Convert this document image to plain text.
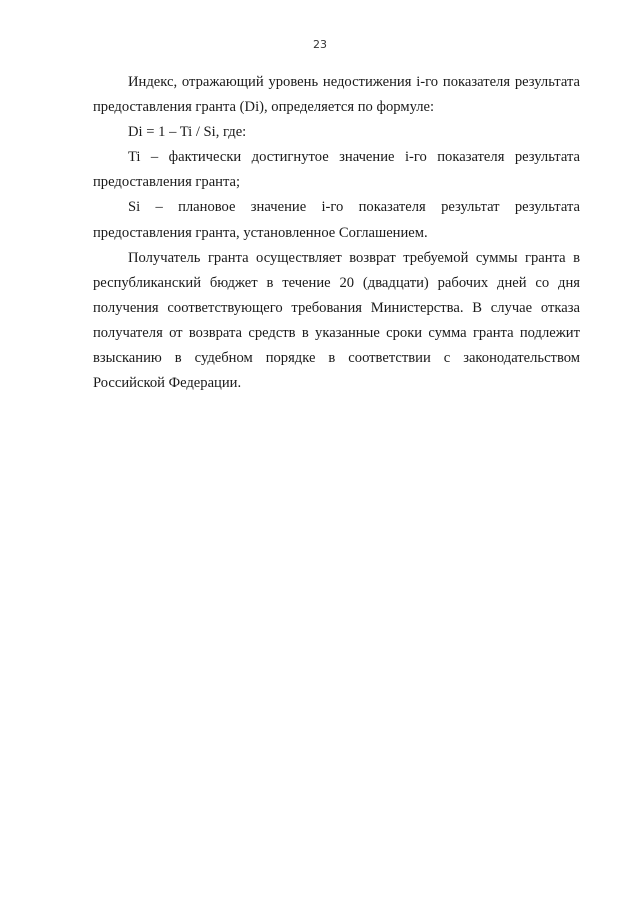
23

Индекс, отражающий уровень недостижения i-го показателя результата предоставления гранта (Di), определяется по формуле:

Di = 1 – Ti / Si, где:

Ti – фактически достигнутое значение i-го показателя результата предоставления гранта;

Si – плановое значение i-го показателя результат результата предоставления гранта, установленное Соглашением.

Получатель гранта осуществляет возврат требуемой суммы гранта в республиканский бюджет в течение 20 (двадцати) рабочих дней со дня получения соответствующего требования Министерства. В случае отказа получателя от возврата средств в указанные сроки сумма гранта подлежит взысканию в судебном порядке в соответствии с законодательством Российской Федерации.
